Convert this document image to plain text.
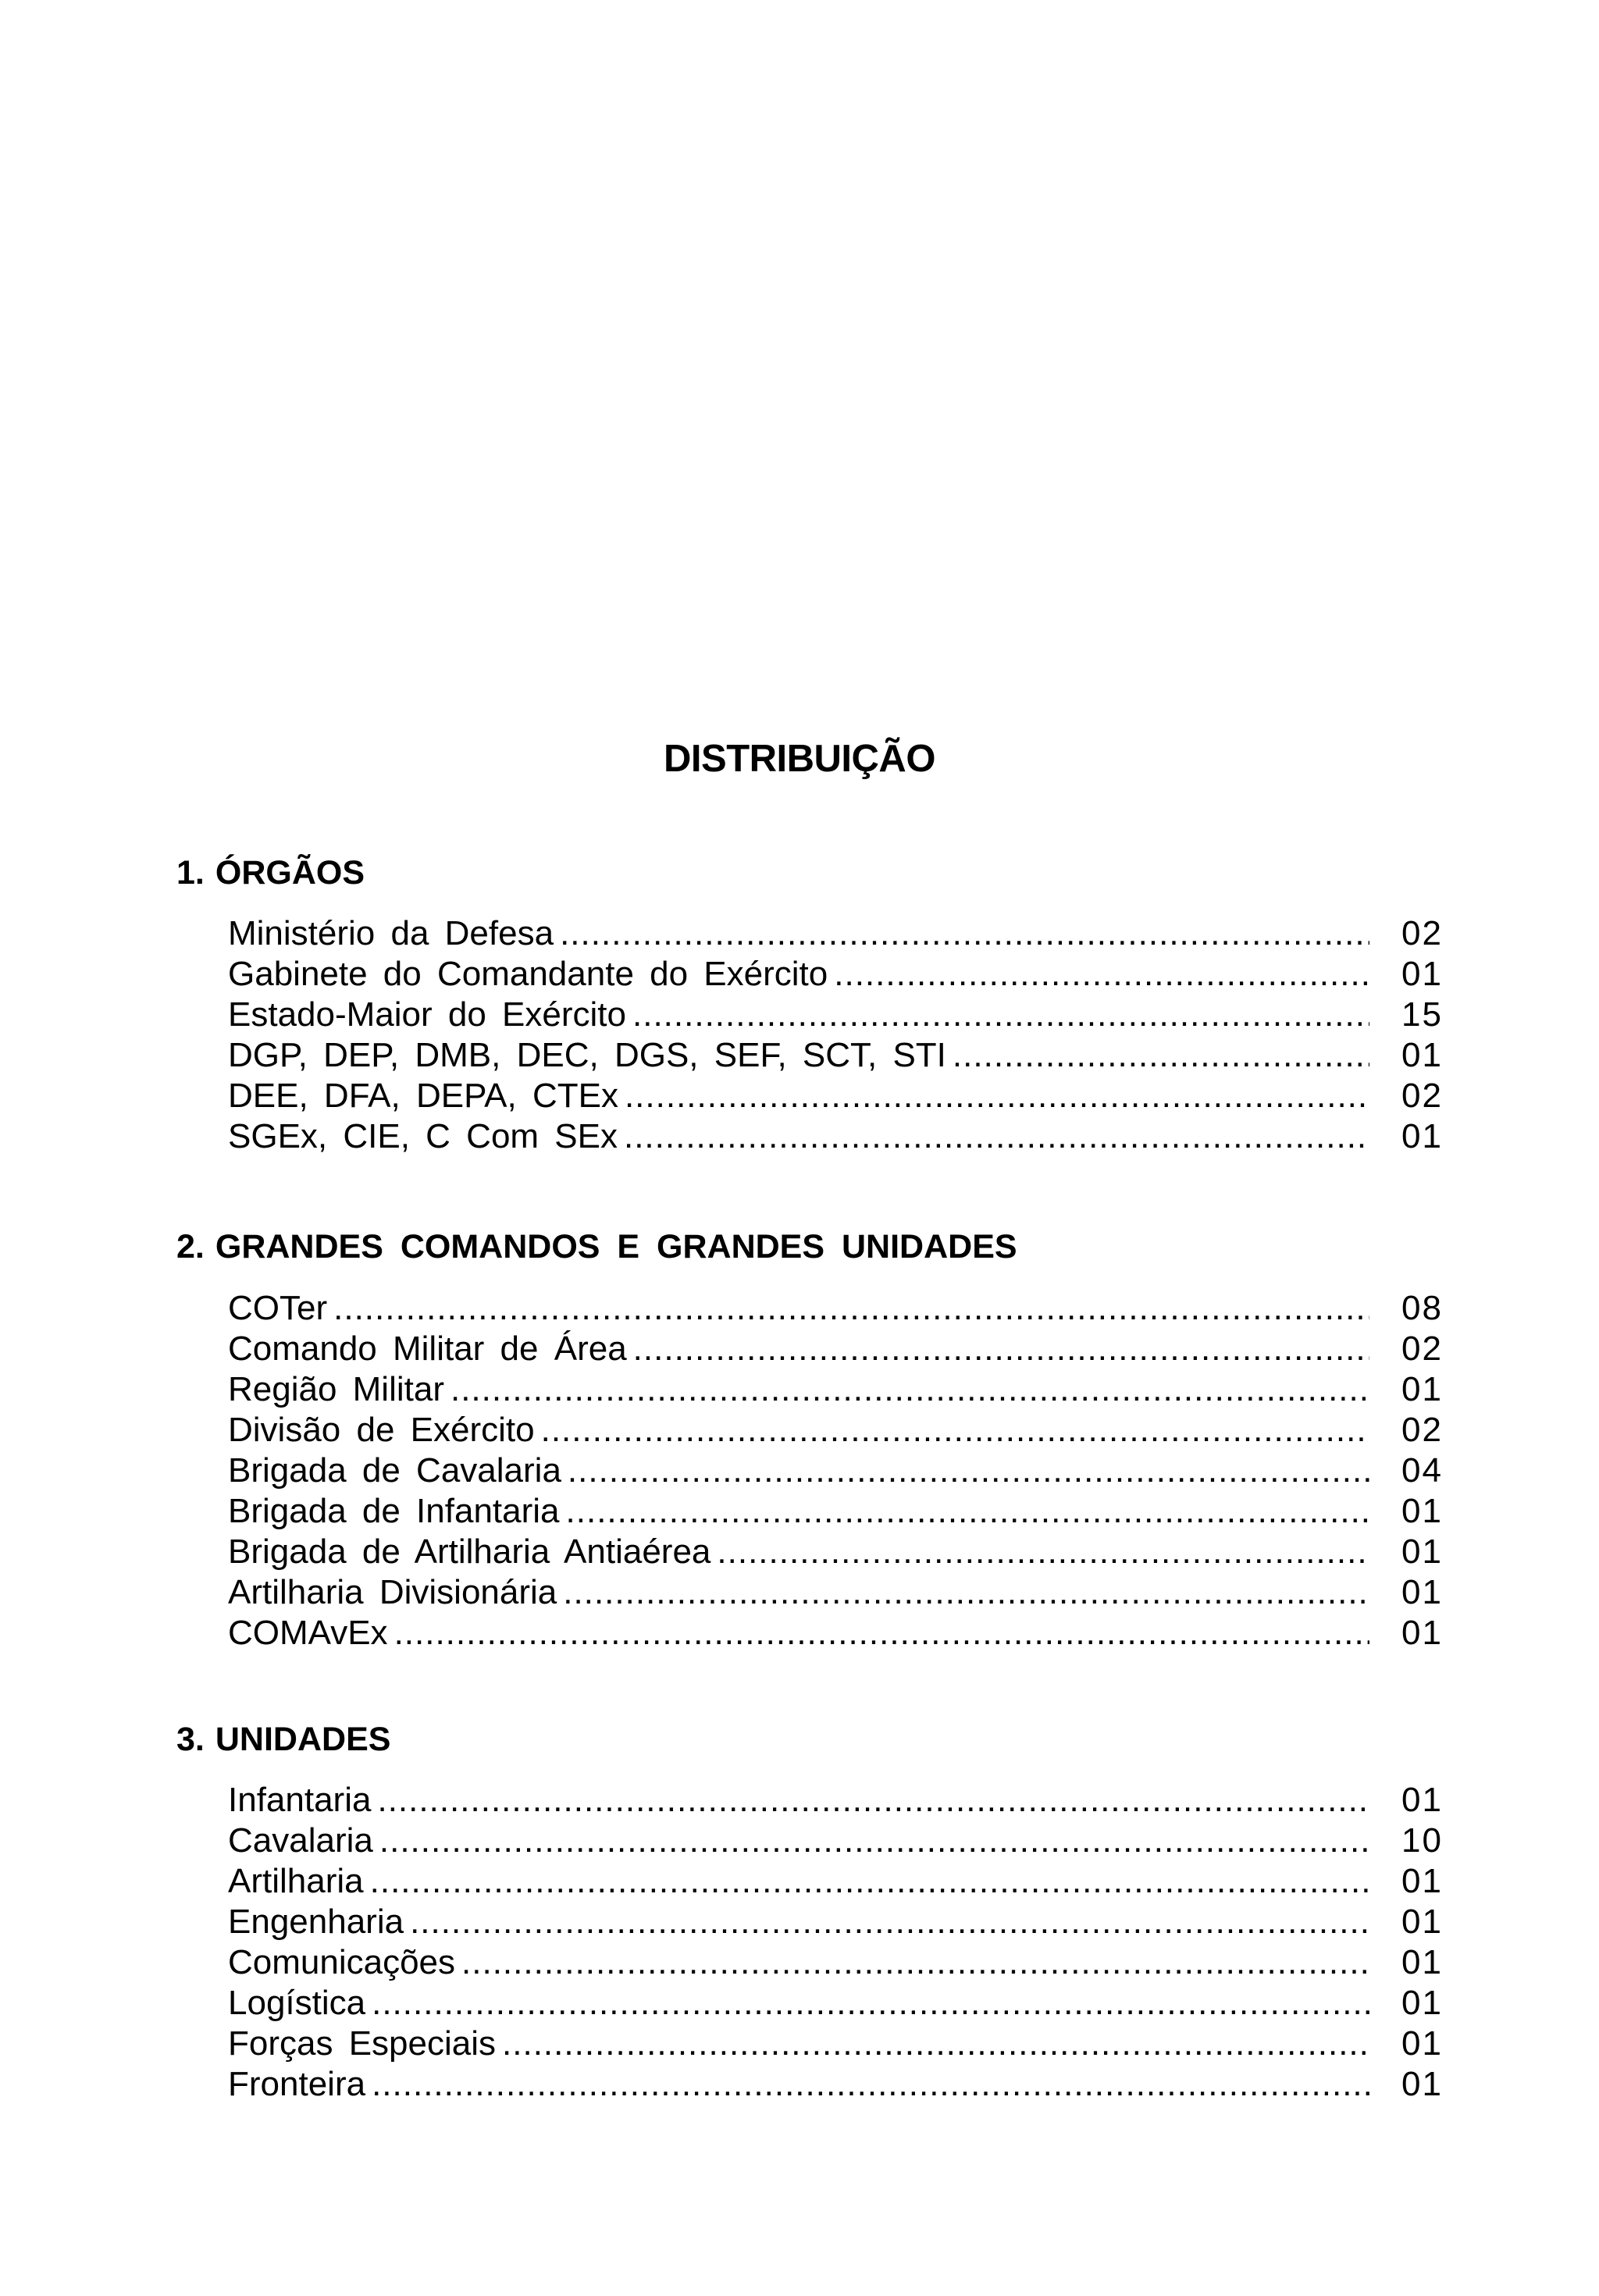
DISTRIBUIÇÃO
1. ÓRGÃOS
Ministério da Defesa .....	02
Gabinete do Comandante do Exército .....	01
Estado-Maior do Exército .....	15
DGP, DEP, DMB, DEC, DGS, SEF, SCT, STI .....	01
DEE, DFA, DEPA, CTEx .....	02
SGEx, CIE, C Com SEx .....	01
2. GRANDES COMANDOS E GRANDES UNIDADES
COTer .....	08
Comando Militar de Área .....	02
Região Militar .....	01
Divisão de Exército .....	02
Brigada de Cavalaria .....	04
Brigada de Infantaria .....	01
Brigada de Artilharia Antiaérea .....	01
Artilharia Divisionária .....	01
COMAvEx .....	01
3. UNIDADES
Infantaria .....	01
Cavalaria .....	10
Artilharia .....	01
Engenharia .....	01
Comunicações .....	01
Logística .....	01
Forças Especiais .....	01
Fronteira .....	01
